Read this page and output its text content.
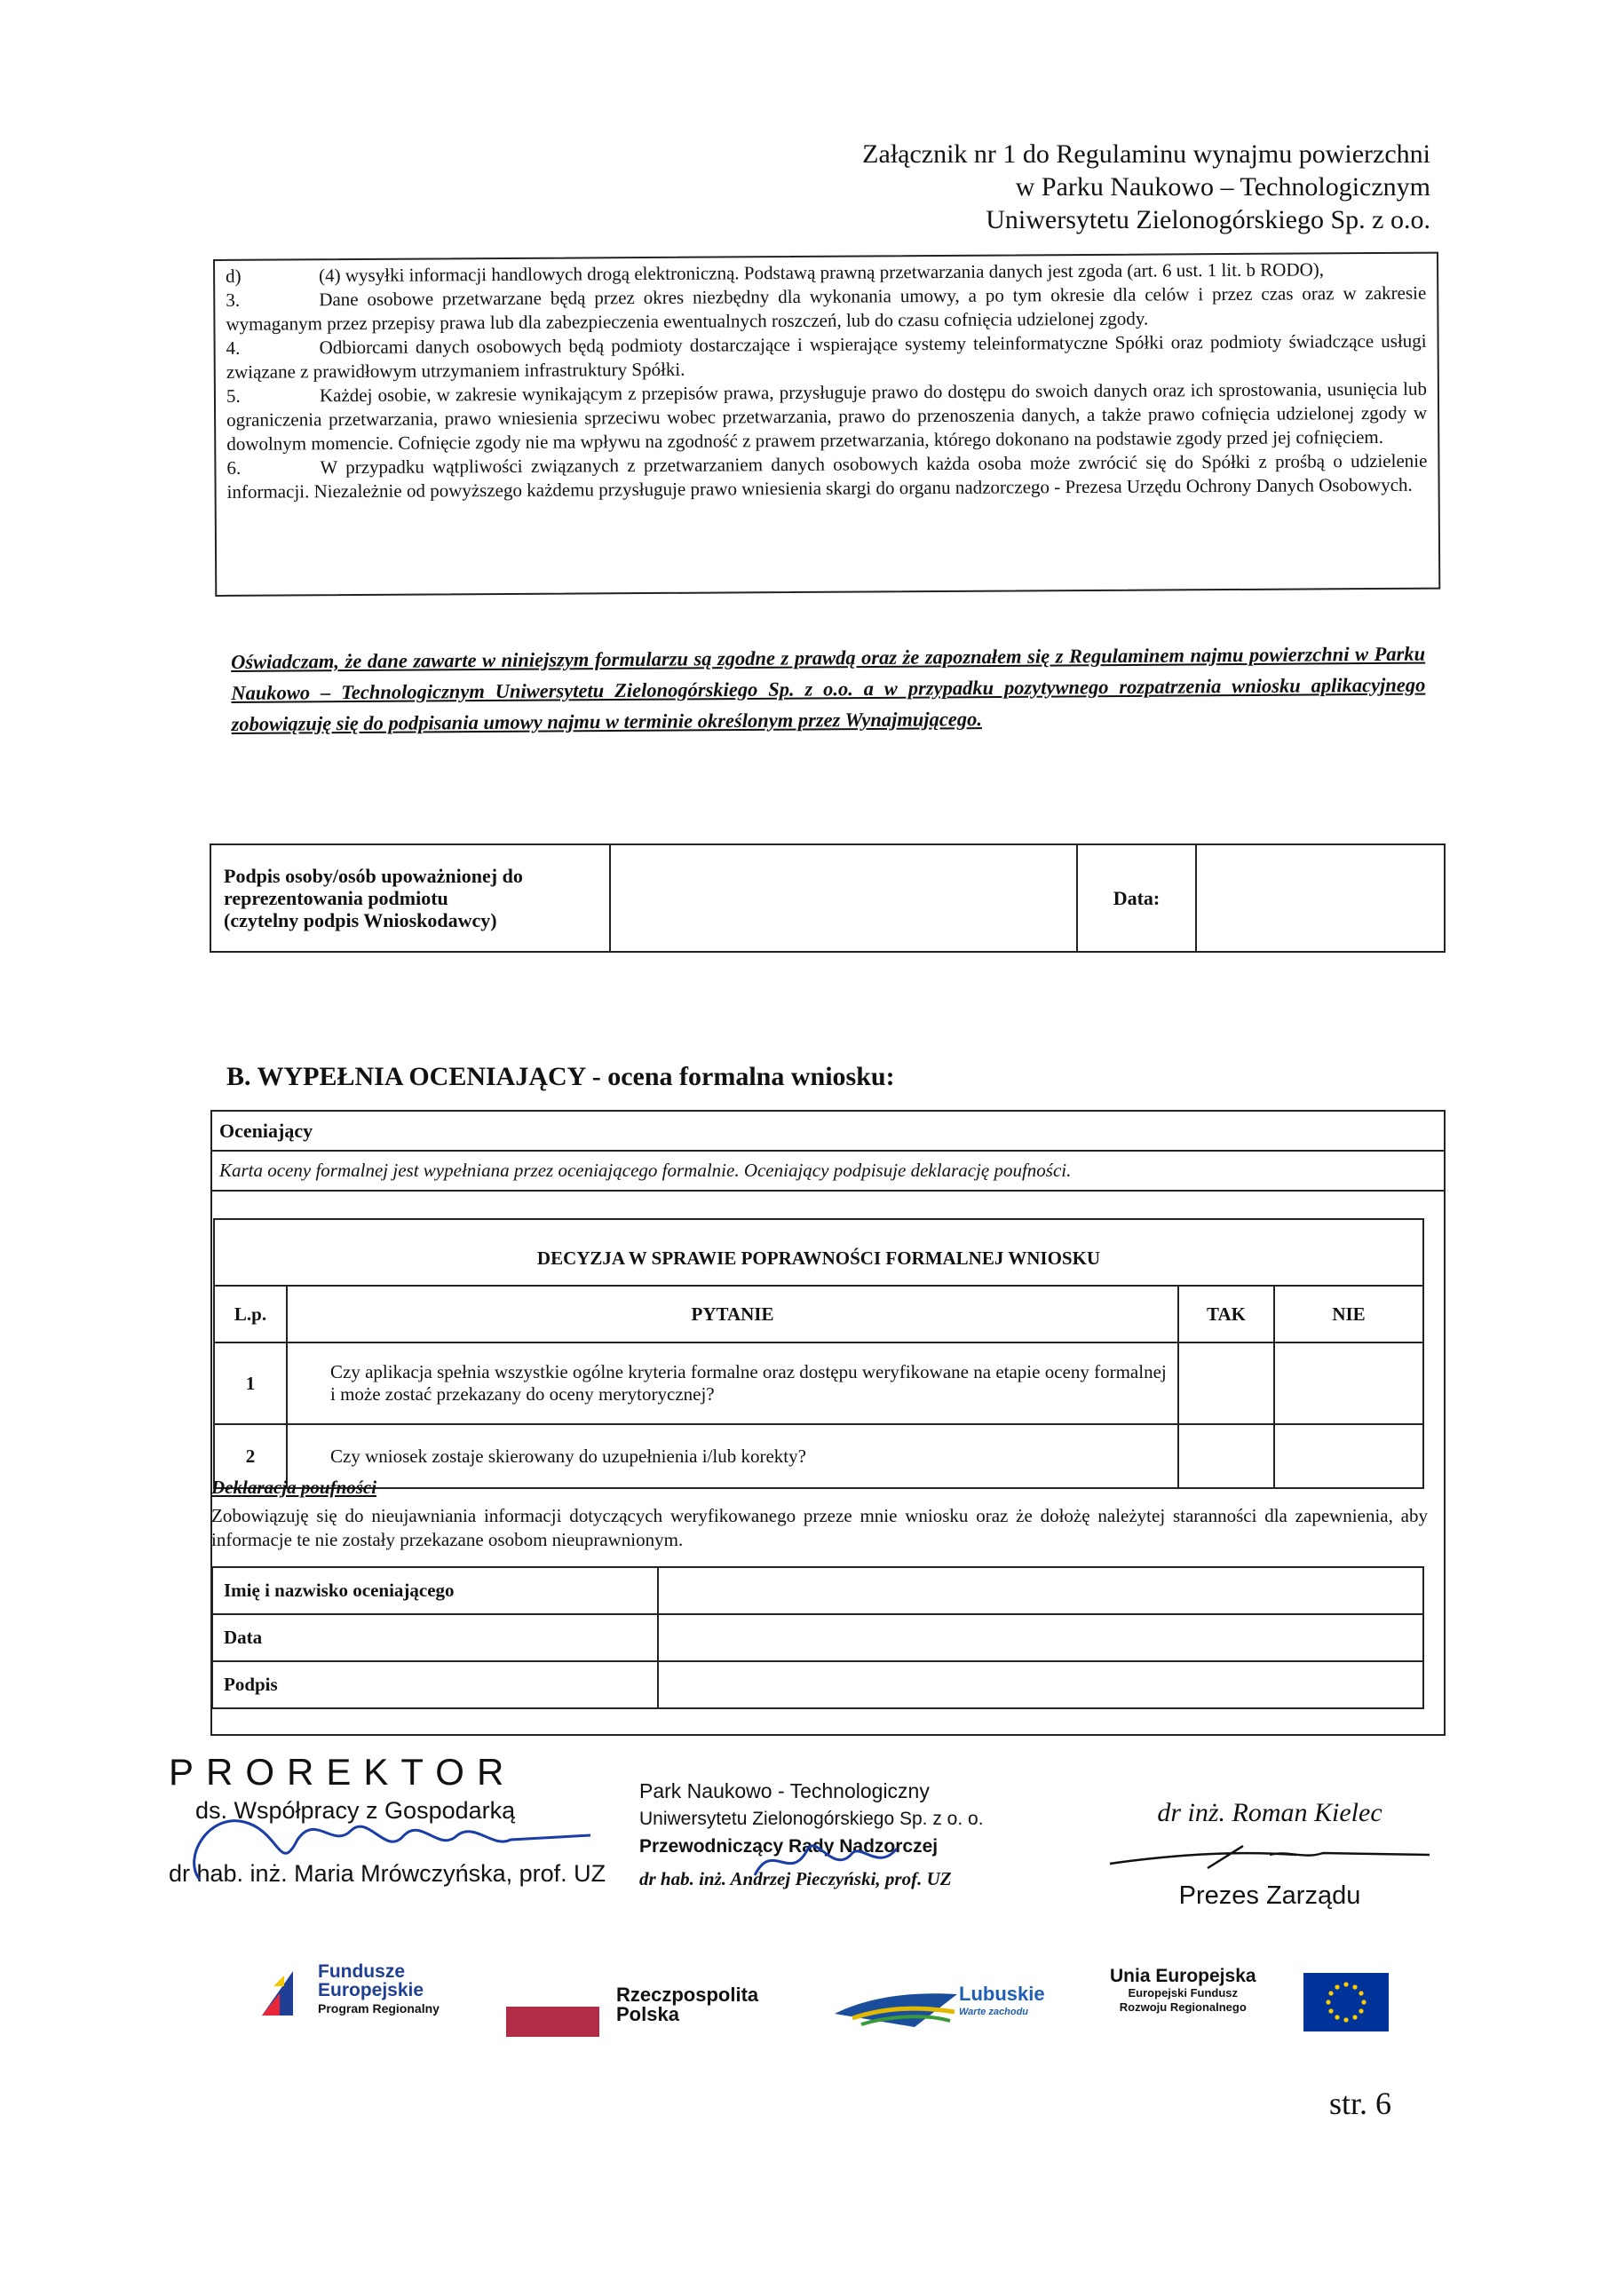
Załącznik nr 1 do Regulaminu wynajmu powierzchni
w Parku Naukowo – Technologicznym
Uniwersytetu Zielonogórskiego Sp. z o.o.

d)	(4) wysyłki informacji handlowych drogą elektroniczną. Podstawą prawną przetwarzania danych jest zgoda (art. 6 ust. 1 lit. b RODO),

3.	Dane osobowe przetwarzane będą przez okres niezbędny dla wykonania umowy, a po tym okresie dla celów i przez czas oraz w zakresie wymaganym przez przepisy prawa lub dla zabezpieczenia ewentualnych roszczeń, lub do czasu cofnięcia udzielonej zgody.

4.	Odbiorcami danych osobowych będą podmioty dostarczające i wspierające systemy teleinformatyczne Spółki oraz podmioty świadczące usługi związane z prawidłowym utrzymaniem infrastruktury Spółki.

5.	Każdej osobie, w zakresie wynikającym z przepisów prawa, przysługuje prawo do dostępu do swoich danych oraz ich sprostowania, usunięcia lub ograniczenia przetwarzania, prawo wniesienia sprzeciwu wobec przetwarzania, prawo do przenoszenia danych, a także prawo cofnięcia udzielonej zgody w dowolnym momencie. Cofnięcie zgody nie ma wpływu na zgodność z prawem przetwarzania, którego dokonano na podstawie zgody przed jej cofnięciem.

6.	W przypadku wątpliwości związanych z przetwarzaniem danych osobowych każda osoba może zwrócić się do Spółki z prośbą o udzielenie informacji. Niezależnie od powyższego każdemu przysługuje prawo wniesienia skargi do organu nadzorczego - Prezesa Urzędu Ochrony Danych Osobowych.

Oświadczam, że dane zawarte w niniejszym formularzu są zgodne z prawdą oraz że zapoznałem się z Regulaminem najmu powierzchni w Parku Naukowo – Technologicznym Uniwersytetu Zielonogórskiego Sp. z o.o. a w przypadku pozytywnego rozpatrzenia wniosku aplikacyjnego zobowiązuję się do podpisania umowy najmu w terminie określonym przez Wynajmującego.
Podpis osoby/osób upoważnionej do
reprezentowania podmiotu
(czytelny podpis Wnioskodawcy)
		Data:	
B. WYPEŁNIA OCENIAJĄCY - ocena formalna wniosku:
Oceniający
Karta oceny formalnej jest wypełniana przez oceniającego formalnie. Oceniający podpisuje deklarację poufności.
DECYZJA W SPRAWIE POPRAWNOŚCI FORMALNEJ WNIOSKU			
L.p.	PYTANIE	TAK	NIE
1	Czy aplikacja spełnia wszystkie ogólne kryteria formalne oraz dostępu weryfikowane na etapie oceny formalnej i może zostać przekazany do oceny merytorycznej?		
2	Czy wniosek zostaje skierowany do uzupełnienia i/lub korekty?		
Deklaracja poufności

Zobowiązuję się do nieujawniania informacji dotyczących weryfikowanego przeze mnie wniosku oraz że dołożę należytej staranności dla zapewnienia, aby informacje te nie zostały przekazane osobom nieuprawnionym.

Imię i nazwisko oceniającego	
Data	
Podpis	
PROREKTOR
ds. Współpracy z Gospodarką
dr hab. inż. Maria Mrówczyńska, prof. UZ
Park Naukowo - Technologiczny
Uniwersytetu Zielonogórskiego Sp. z o. o.
Przewodniczący Rady Nadzorczej
dr hab. inż. Andrzej Pieczyński, prof. UZ
dr inż. Roman Kielec
Prezes Zarządu
Fundusze
Europejskie
Program Regionalny
Rzeczpospolita
Polska
Lubuskie
Warte zachodu
Unia Europejska
Europejski Fundusz
Rozwoju Regionalnego
str. 6
